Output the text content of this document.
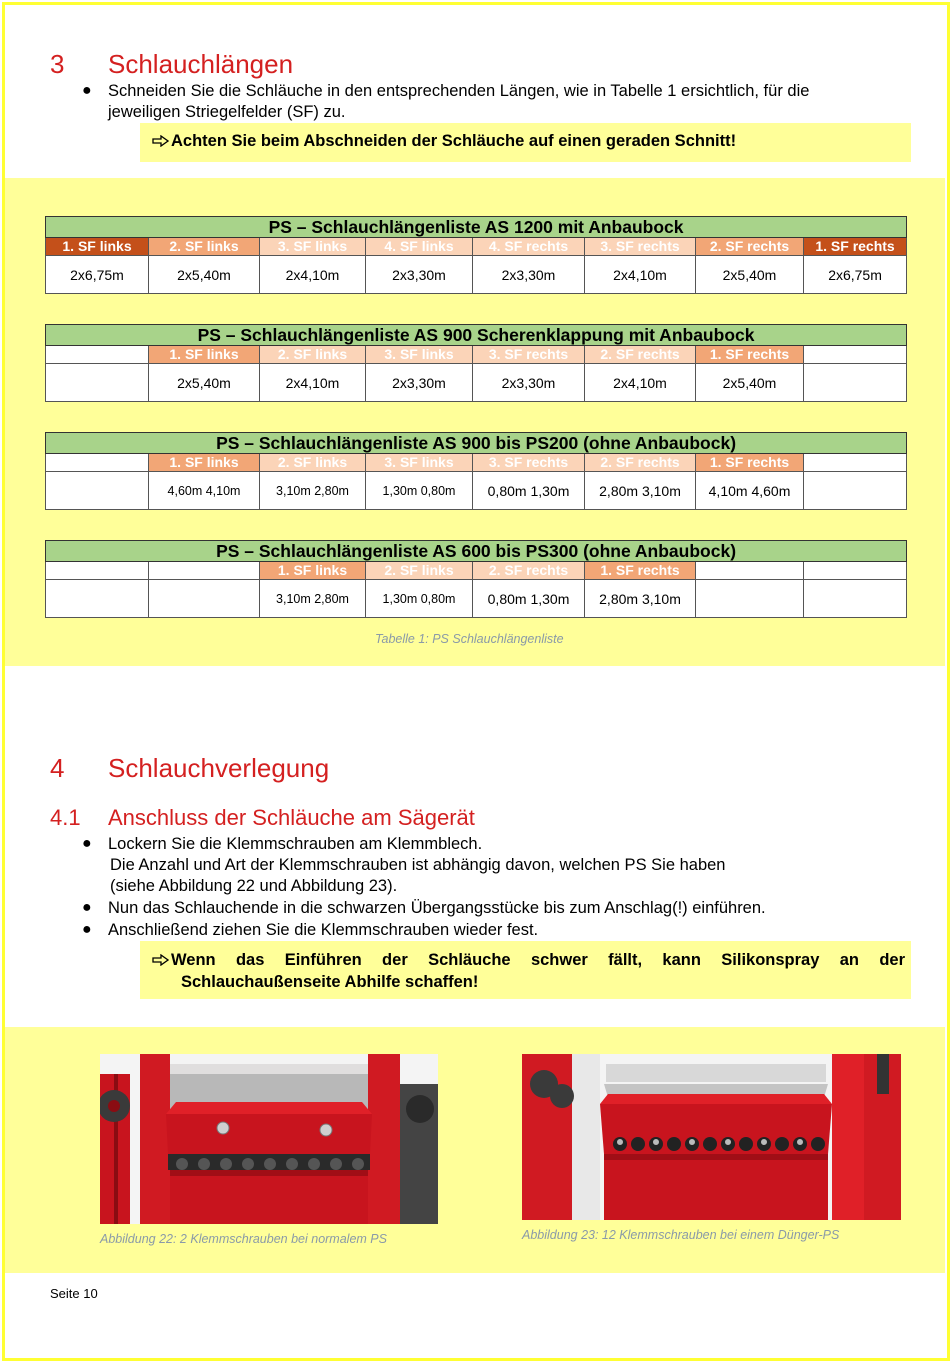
3 Schlauchlängen
● Schneiden Sie die Schläuche in den entsprechenden Längen, wie in Tabelle 1 ersichtlich, für die
jeweiligen Striegelfelder (SF) zu.
Achten Sie beim Abschneiden der Schläuche auf einen geraden Schnitt!
PS – Schlauchlängenliste AS 1200 mit Anbaubock							
1. SF links	2. SF links	3. SF links	4. SF links	4. SF rechts	3. SF rechts	2. SF rechts	1. SF rechts
2x6,75m	2x5,40m	2x4,10m	2x3,30m	2x3,30m	2x4,10m	2x5,40m	2x6,75m
PS – Schlauchlängenliste AS 900 Scherenklappung mit Anbaubock							
	1. SF links	2. SF links	3. SF links	3. SF rechts	2. SF rechts	1. SF rechts	
	2x5,40m	2x4,10m	2x3,30m	2x3,30m	2x4,10m	2x5,40m	
PS – Schlauchlängenliste AS 900 bis PS200 (ohne Anbaubock)							
	1. SF links	2. SF links	3. SF links	3. SF rechts	2. SF rechts	1. SF rechts	
	4,60m 4,10m	3,10m 2,80m	1,30m 0,80m	0,80m 1,30m	2,80m 3,10m	4,10m 4,60m	
PS – Schlauchlängenliste AS 600 bis PS300 (ohne Anbaubock)							
		1. SF links	2. SF links	2. SF rechts	1. SF rechts		
		3,10m 2,80m	1,30m 0,80m	0,80m 1,30m	2,80m 3,10m		
Tabelle 1: PS Schlauchlängenliste
4 Schlauchverlegung
4.1 Anschluss der Schläuche am Sägerät
● Lockern Sie die Klemmschrauben am Klemmblech.
Die Anzahl und Art der Klemmschrauben ist abhängig davon, welchen PS Sie haben
(siehe Abbildung 22 und Abbildung 23).
● Nun das Schlauchende in die schwarzen Übergangsstücke bis zum Anschlag(!) einführen.
● Anschließend ziehen Sie die Klemmschrauben wieder fest.
Wenn das Einführen der Schläuche schwer fällt, kann Silikonspray an der
Schlauchaußenseite Abhilfe schaffen!
Abbildung 22: 2 Klemmschrauben bei normalem PS	Abbildung 23: 12 Klemmschrauben bei einem Dünger-PS
Seite 10
